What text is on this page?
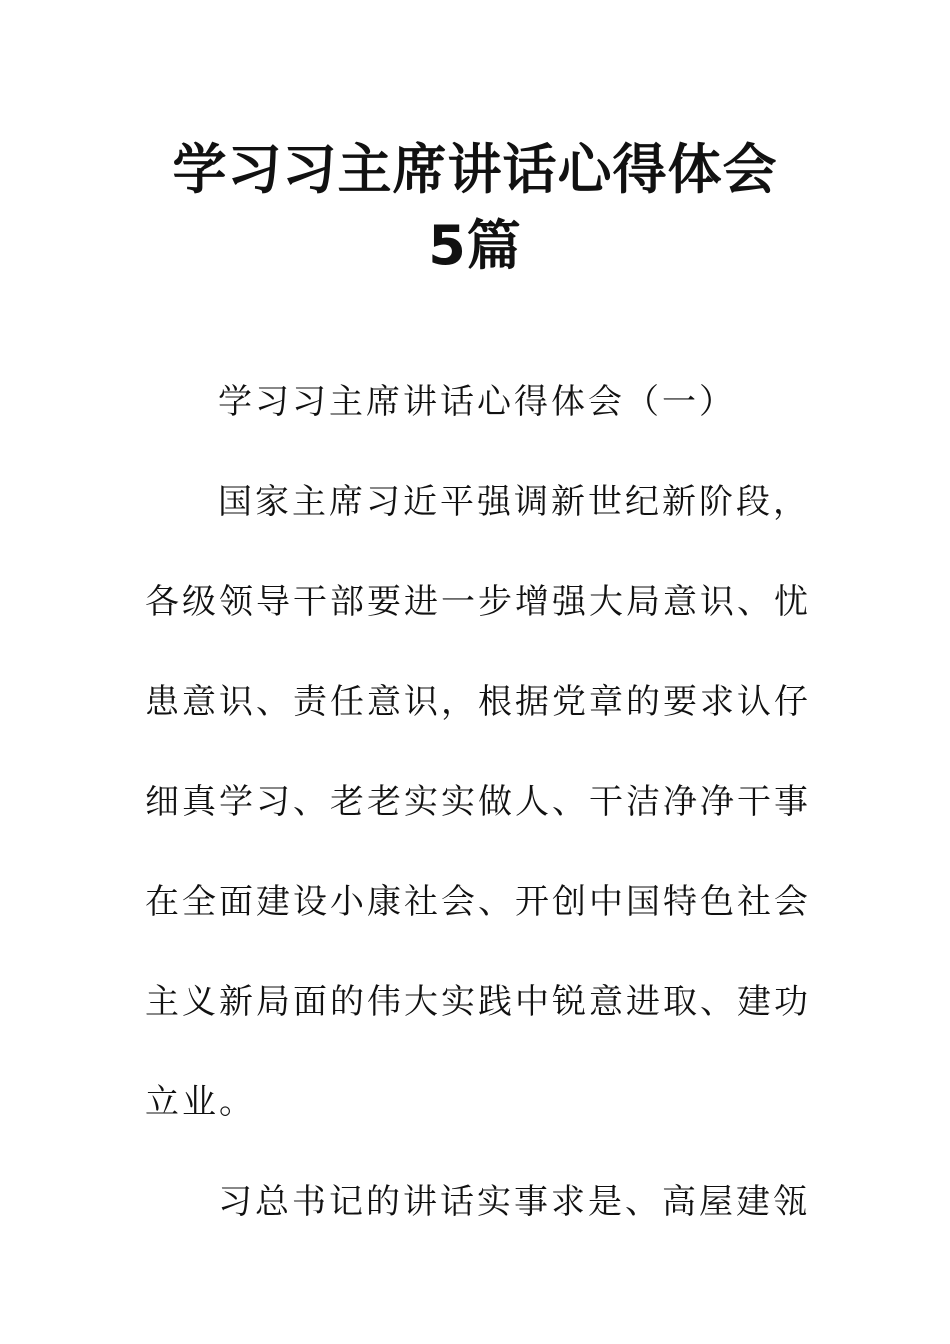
学习习主席讲话心得体会
5篇
学习习主席讲话心得体会（一）
国家主席习近平强调新世纪新阶段，
各级领导干部要进一步增强大局意识、忧
患意识、责任意识，根据党章的要求认仔
细真学习、老老实实做人、干洁净净干事
在全面建设小康社会、开创中国特色社会
主义新局面的伟大实践中锐意进取、建功
立业。
习总书记的讲话实事求是、高屋建瓴
